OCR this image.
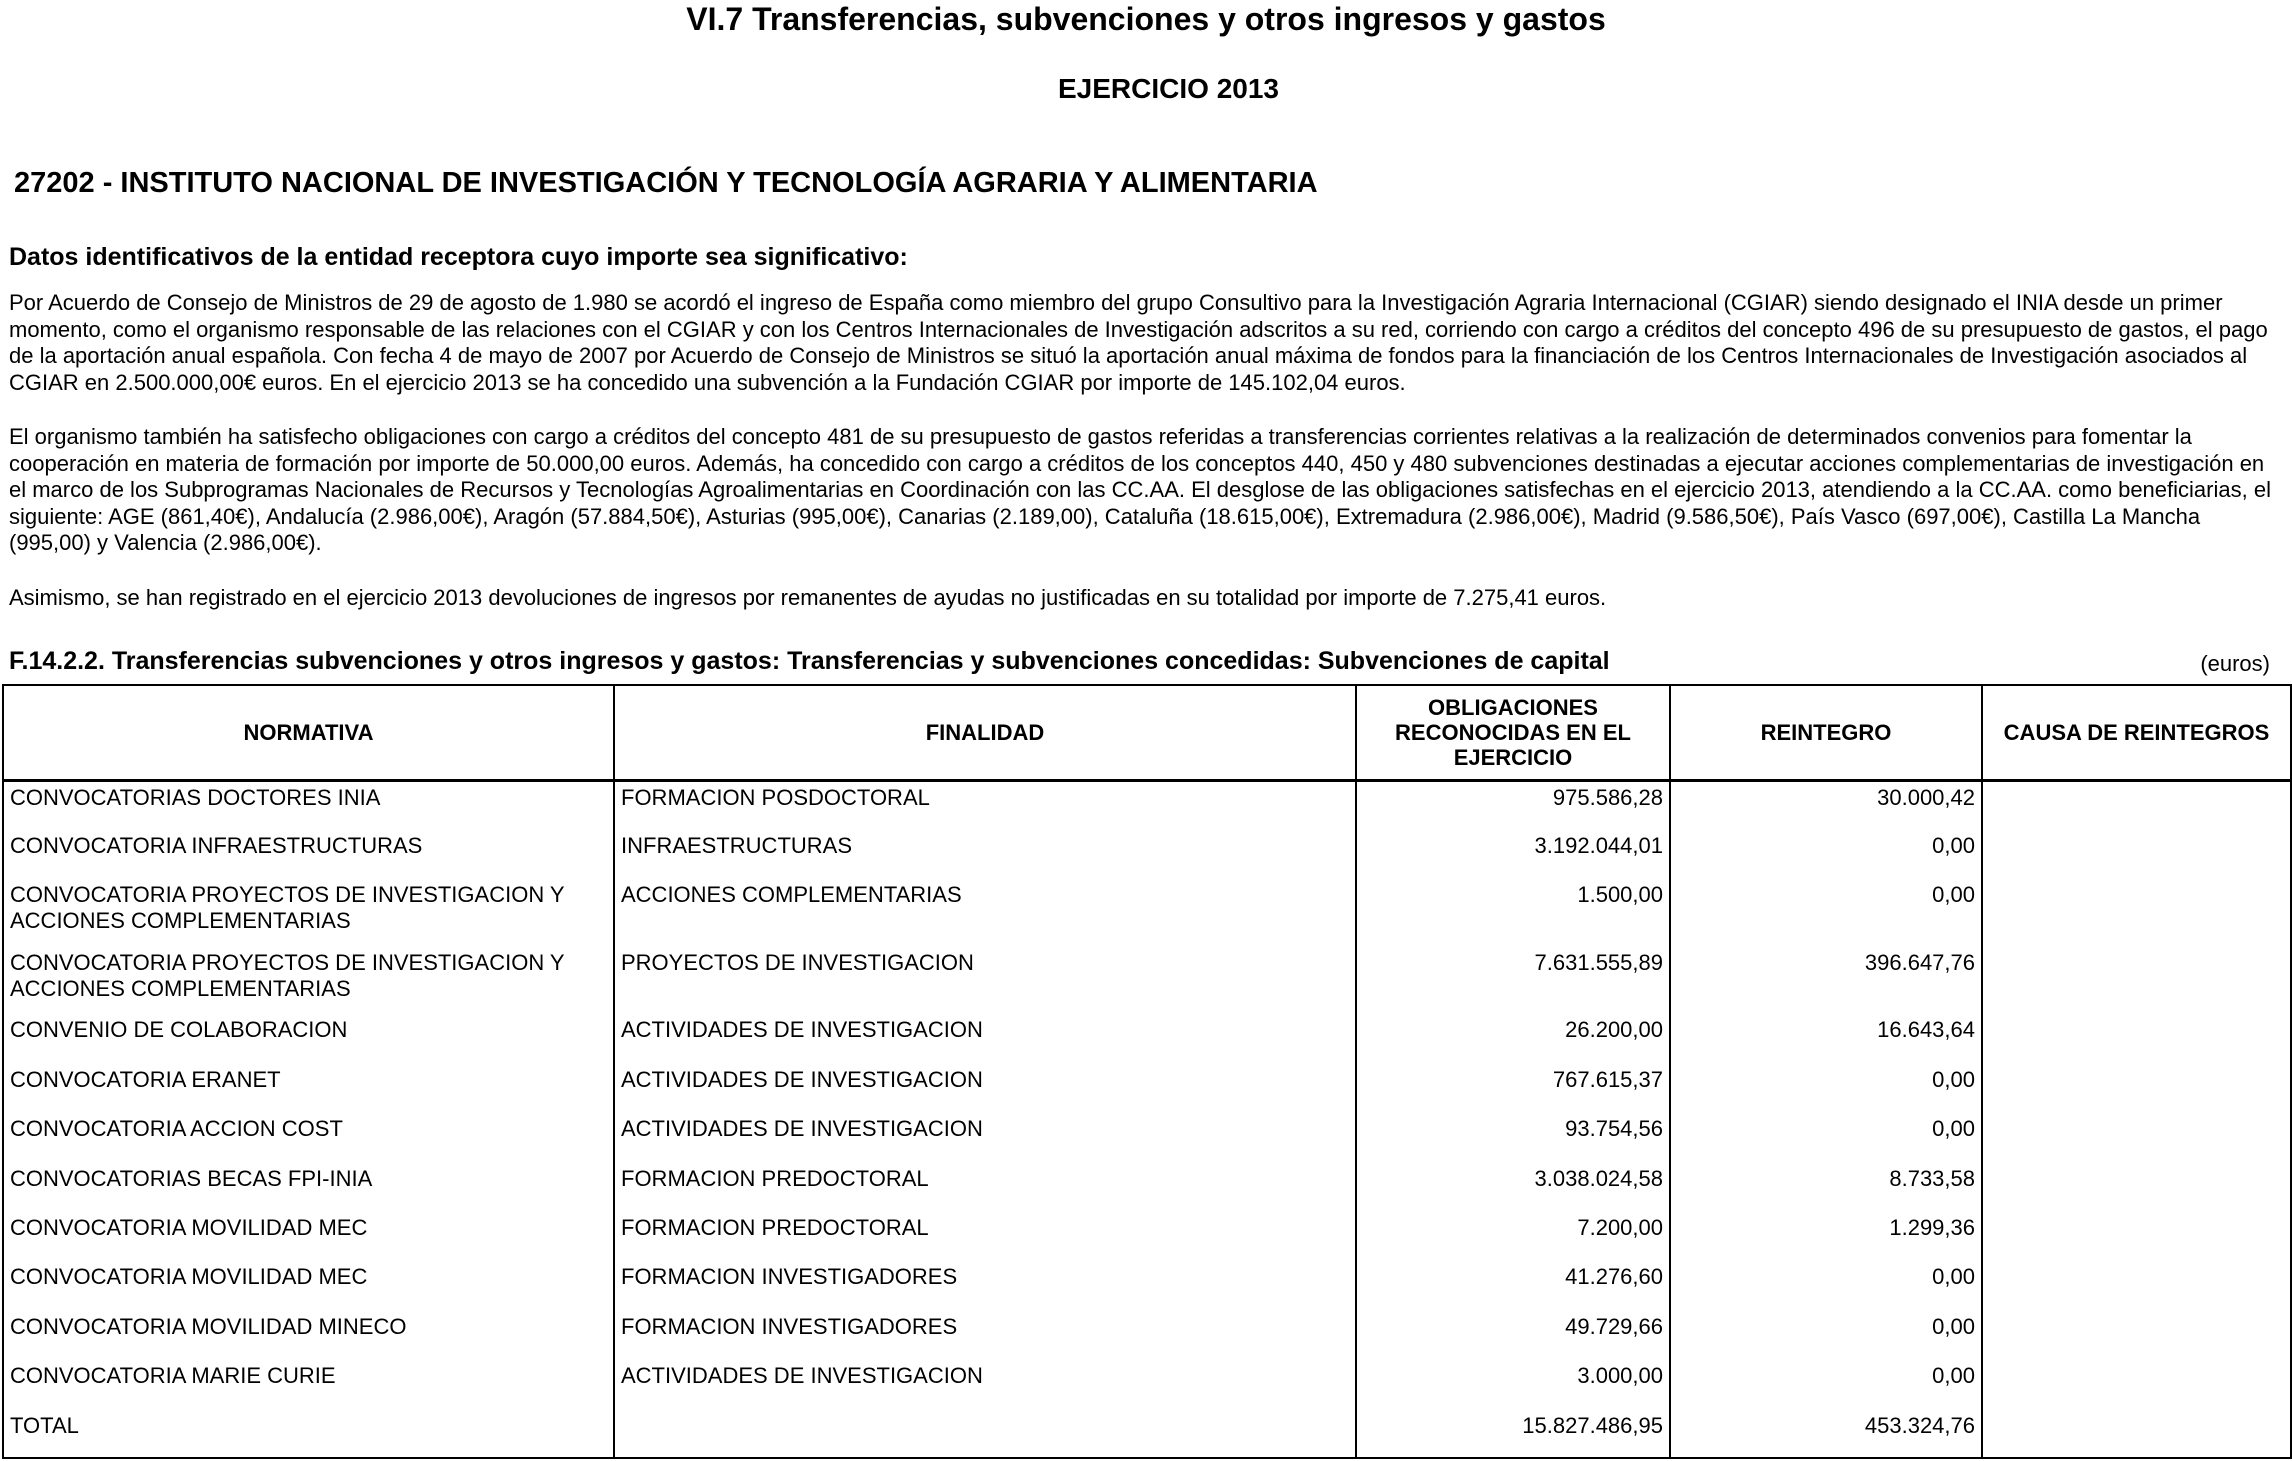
VI.7 Transferencias, subvenciones y otros ingresos y gastos
EJERCICIO 2013
27202 - INSTITUTO NACIONAL DE INVESTIGACIÓN Y TECNOLOGÍA AGRARIA Y ALIMENTARIA
Datos identificativos de la entidad receptora cuyo importe sea significativo:

Por Acuerdo de Consejo de Ministros de 29 de agosto de 1.980 se acordó el ingreso de España como miembro del grupo Consultivo para la Investigación Agraria Internacional (CGIAR) siendo designado el INIA desde un primer momento, como el organismo responsable de las relaciones con el CGIAR y con los Centros Internacionales de Investigación adscritos a su red, corriendo con cargo a créditos del concepto 496 de su presupuesto de gastos, el pago de la aportación anual española. Con fecha 4 de mayo de 2007 por Acuerdo de Consejo de Ministros se situó la aportación anual máxima de fondos para la financiación de los Centros Internacionales de Investigación asociados al CGIAR en 2.500.000,00€ euros. En el ejercicio 2013 se ha concedido una subvención a la Fundación CGIAR por importe de 145.102,04 euros.

El organismo también ha satisfecho obligaciones con cargo a créditos del concepto 481 de su presupuesto de gastos referidas a transferencias corrientes relativas a la realización de determinados convenios para fomentar la cooperación en materia de formación por importe de 50.000,00 euros. Además, ha concedido con cargo a créditos de los conceptos 440, 450 y 480 subvenciones destinadas a ejecutar acciones complementarias de investigación en el marco de los Subprogramas Nacionales de Recursos y Tecnologías Agroalimentarias en Coordinación con las CC.AA. El desglose de las obligaciones satisfechas en el ejercicio 2013, atendiendo a la CC.AA. como beneficiarias, el siguiente: AGE (861,40€), Andalucía (2.986,00€), Aragón (57.884,50€), Asturias (995,00€), Canarias (2.189,00), Cataluña (18.615,00€), Extremadura (2.986,00€), Madrid (9.586,50€), País Vasco (697,00€), Castilla La Mancha (995,00) y Valencia (2.986,00€).

Asimismo, se han registrado en el ejercicio 2013 devoluciones de ingresos por remanentes de ayudas no justificadas en su totalidad por importe de 7.275,41 euros.

F.14.2.2. Transferencias subvenciones y otros ingresos y gastos: Transferencias y subvenciones concedidas: Subvenciones de capital	(euros)
NORMATIVA	FINALIDAD	OBLIGACIONES RECONOCIDAS EN EL EJERCICIO	REINTEGRO	CAUSA DE REINTEGROS
CONVOCATORIAS DOCTORES INIA	FORMACION POSDOCTORAL	975.586,28	30.000,42	
CONVOCATORIA INFRAESTRUCTURAS	INFRAESTRUCTURAS	3.192.044,01	0,00	
CONVOCATORIA PROYECTOS DE INVESTIGACION Y ACCIONES COMPLEMENTARIAS	ACCIONES COMPLEMENTARIAS	1.500,00	0,00	
CONVOCATORIA PROYECTOS DE INVESTIGACION Y ACCIONES COMPLEMENTARIAS	PROYECTOS DE INVESTIGACION	7.631.555,89	396.647,76	
CONVENIO DE COLABORACION	ACTIVIDADES DE INVESTIGACION	26.200,00	16.643,64	
CONVOCATORIA ERANET	ACTIVIDADES DE INVESTIGACION	767.615,37	0,00	
CONVOCATORIA ACCION COST	ACTIVIDADES DE INVESTIGACION	93.754,56	0,00	
CONVOCATORIAS BECAS FPI-INIA	FORMACION PREDOCTORAL	3.038.024,58	8.733,58	
CONVOCATORIA MOVILIDAD MEC	FORMACION PREDOCTORAL	7.200,00	1.299,36	
CONVOCATORIA MOVILIDAD MEC	FORMACION INVESTIGADORES	41.276,60	0,00	
CONVOCATORIA MOVILIDAD MINECO	FORMACION INVESTIGADORES	49.729,66	0,00	
CONVOCATORIA MARIE CURIE	ACTIVIDADES DE INVESTIGACION	3.000,00	0,00	
TOTAL		15.827.486,95	453.324,76	
